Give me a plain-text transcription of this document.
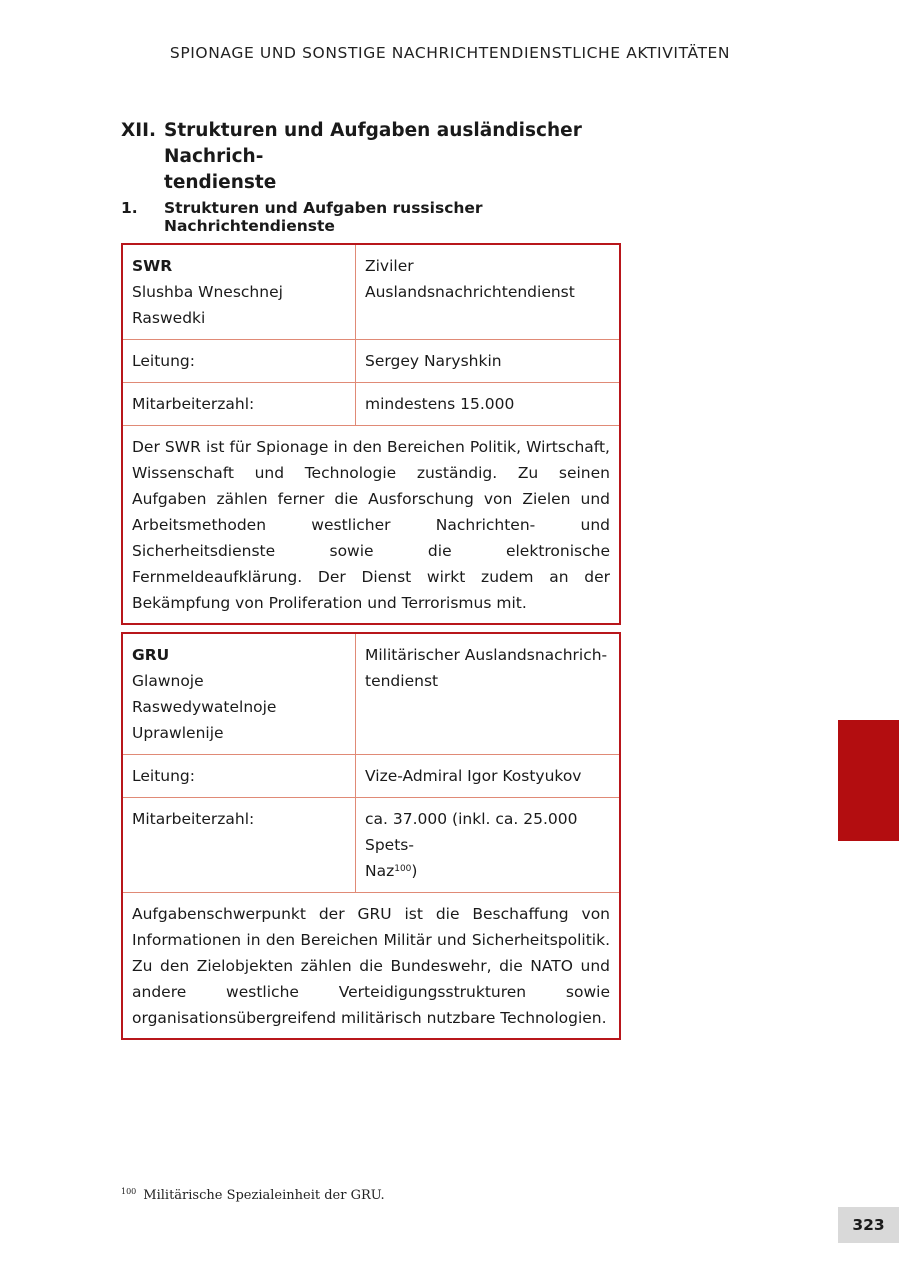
SPIONAGE UND SONSTIGE NACHRICHTENDIENSTLICHE AKTIVITÄTEN
XII. Strukturen und Aufgaben ausländischer Nachrich-
tendienste
1.	Strukturen und Aufgaben russischer Nachrichtendienste
SWR
Slushba Wneschnej Raswedki	Ziviler Auslandsnachrichtendienst
Leitung:	Sergey Naryshkin
Mitarbeiterzahl:	mindestens 15.000
Der SWR ist für Spionage in den Bereichen Politik, Wirtschaft, Wissenschaft und Technologie zuständig. Zu seinen Aufgaben zählen ferner die Ausforschung von Zielen und Arbeitsmethoden westlicher Nachrichten- und Sicherheitsdienste sowie die elektronische Fernmeldeaufklärung. Der Dienst wirkt zudem an der Bekämpfung von Proliferation und Terrorismus mit.	
GRU
Glawnoje Raswedywatelnoje
Uprawlenije	Militärischer Auslandsnachrich-
tendienst
Leitung:	Vize-Admiral Igor Kostyukov
Mitarbeiterzahl:	ca. 37.000 (inkl. ca. 25.000 Spets-
Naz$^{100}$)
Aufgabenschwerpunkt der GRU ist die Beschaffung von Informationen in den Bereichen Militär und Sicherheitspolitik. Zu den Zielobjekten zählen die Bundeswehr, die NATO und andere westliche Verteidigungsstrukturen sowie organisationsübergreifend militärisch nutzbare Technologien.	
$^{100}$ Militärische Spezialeinheit der GRU.
323
